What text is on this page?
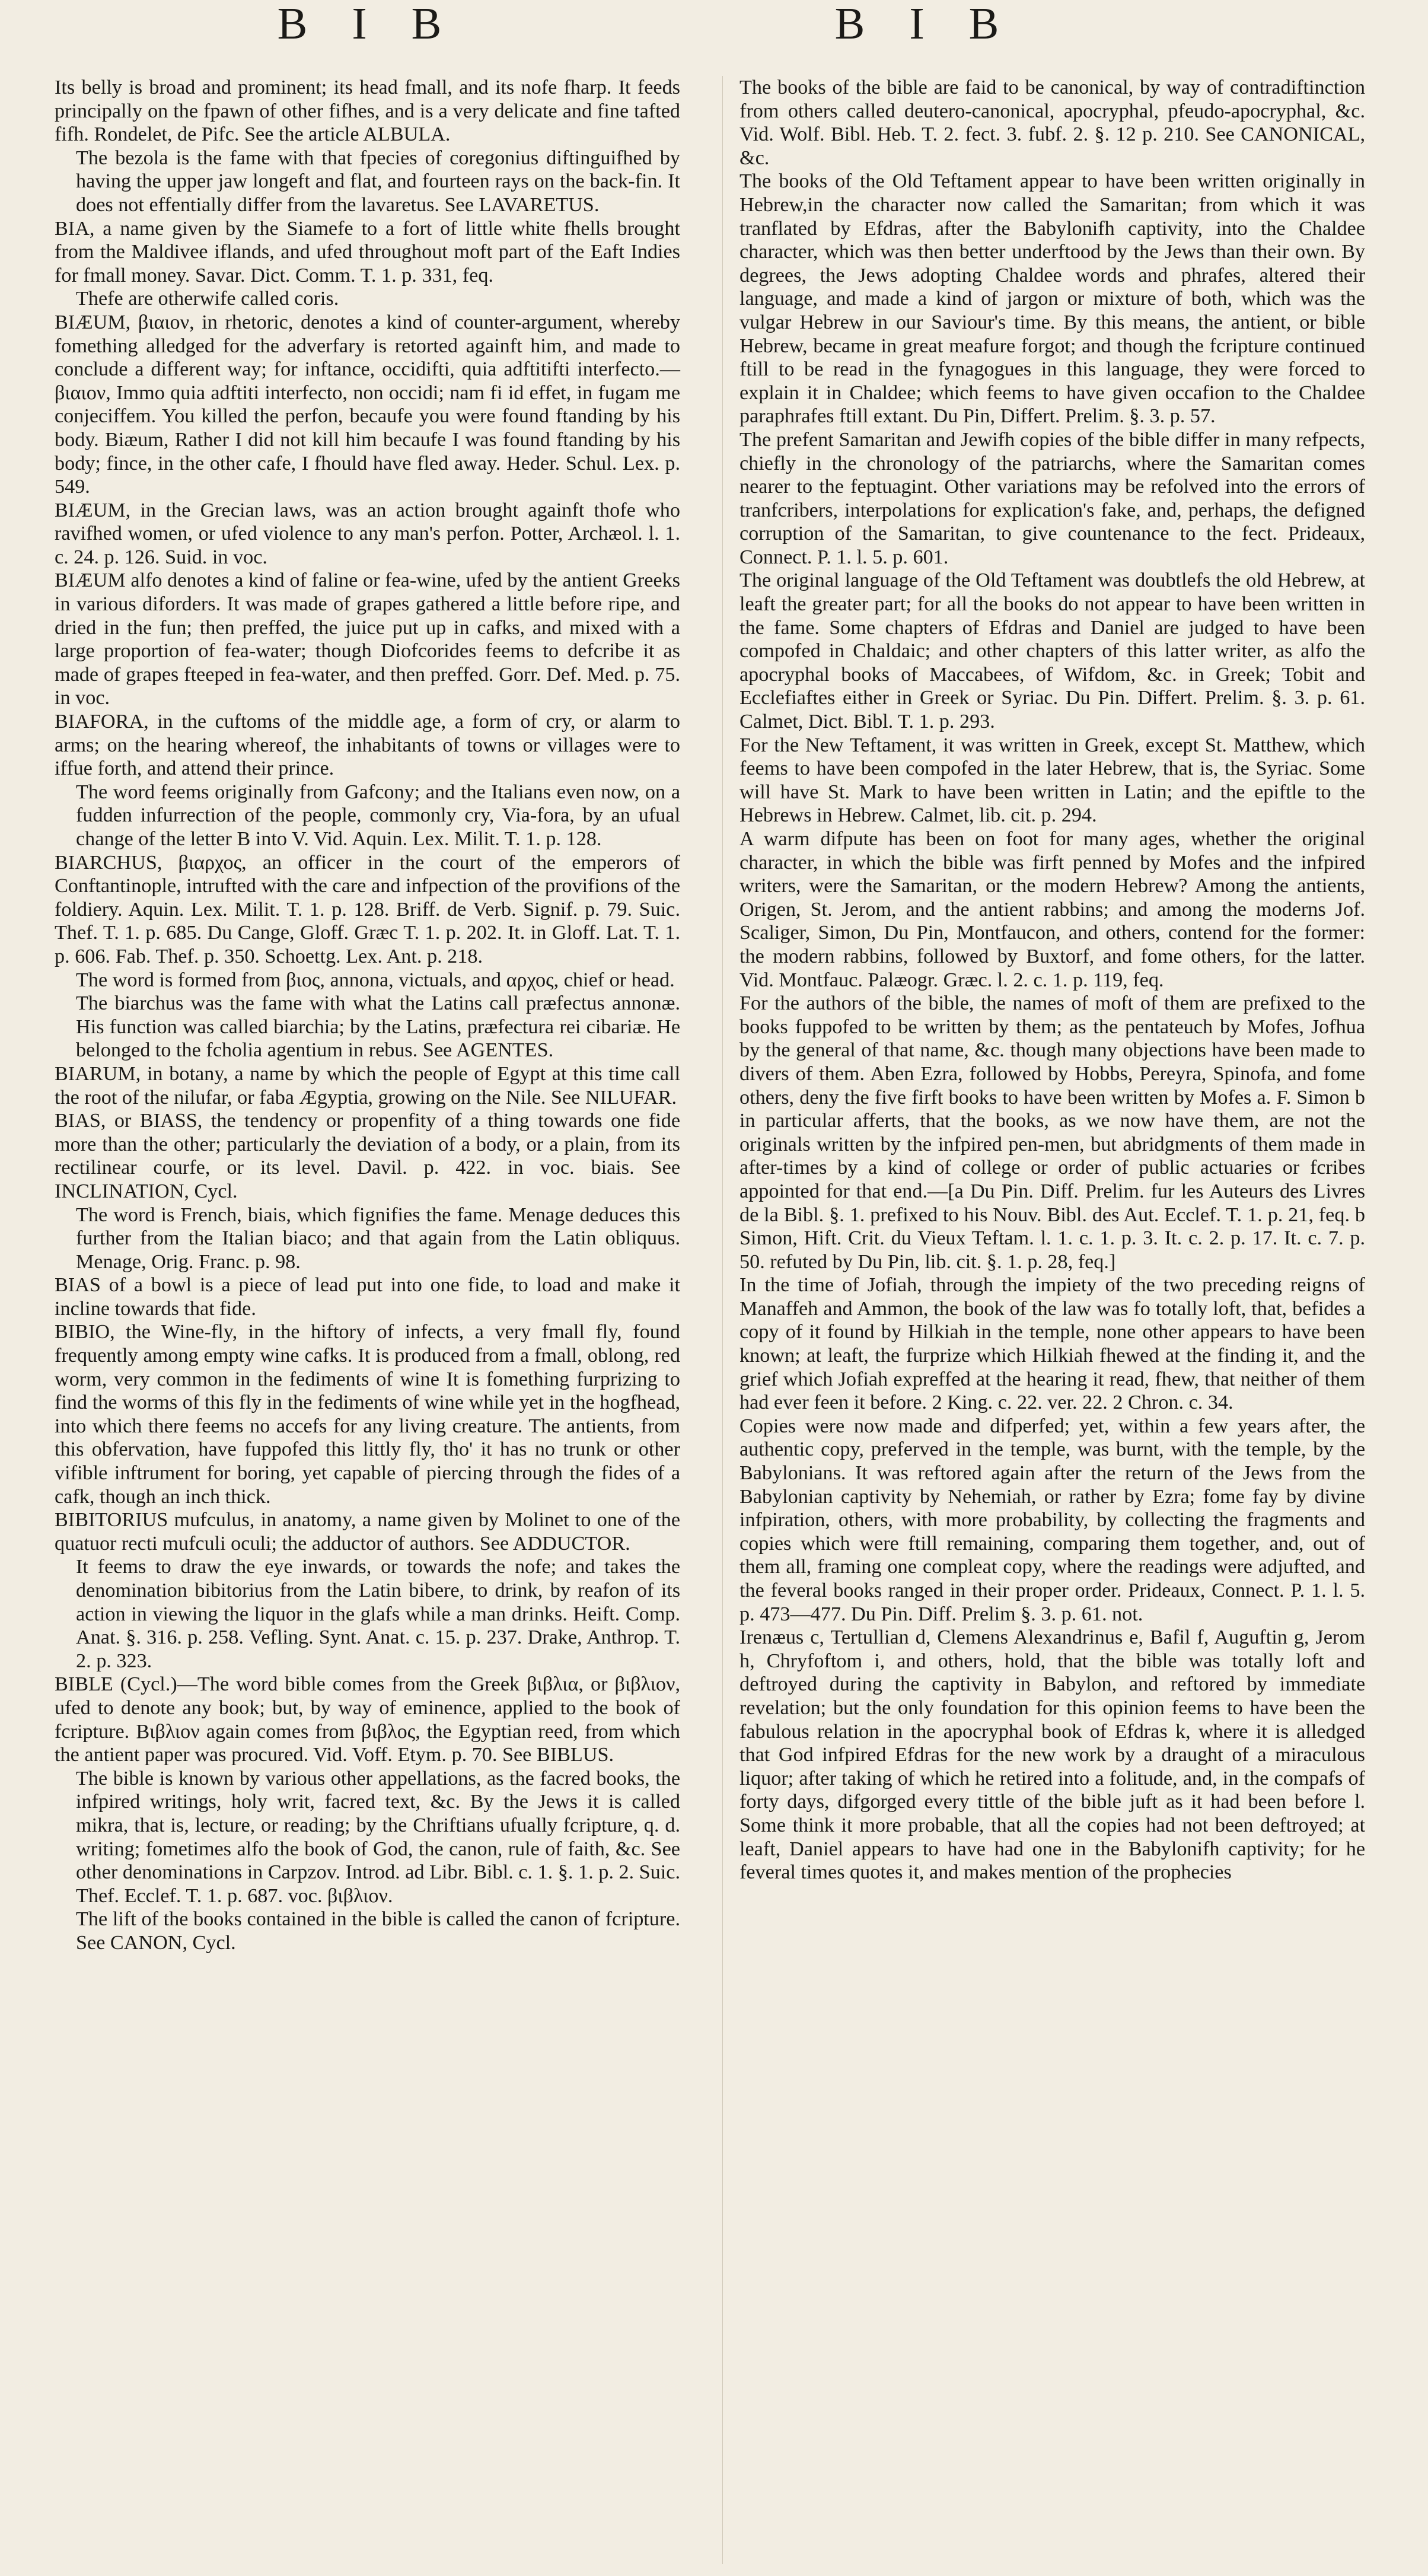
B I B	B I B

Its belly is broad and prominent; its head fmall, and its nofe fharp. It feeds principally on the fpawn of other fifhes, and is a very delicate and fine tafted fifh. Rondelet, de Pifc. See the article ALBULA.

The bezola is the fame with that fpecies of coregonius diftinguifhed by having the upper jaw longeft and flat, and fourteen rays on the back-fin. It does not effentially differ from the lavaretus. See LAVARETUS.

BIA, a name given by the Siamefe to a fort of little white fhells brought from the Maldivee iflands, and ufed throughout moft part of the Eaft Indies for fmall money. Savar. Dict. Comm. T. 1. p. 331, feq.

Thefe are otherwife called coris.

BIÆUM, βιαιον, in rhetoric, denotes a kind of counter-argument, whereby fomething alledged for the adverfary is retorted againft him, and made to conclude a different way; for inftance, occidifti, quia adftitifti interfecto.—βιαιον, Immo quia adftiti interfecto, non occidi; nam fi id effet, in fugam me conjeciffem. You killed the perfon, becaufe you were found ftanding by his body. Biæum, Rather I did not kill him becaufe I was found ftanding by his body; fince, in the other cafe, I fhould have fled away. Heder. Schul. Lex. p. 549.

BIÆUM, in the Grecian laws, was an action brought againft thofe who ravifhed women, or ufed violence to any man's perfon. Potter, Archæol. l. 1. c. 24. p. 126. Suid. in voc.

BIÆUM alfo denotes a kind of faline or fea-wine, ufed by the antient Greeks in various diforders. It was made of grapes gathered a little before ripe, and dried in the fun; then preffed, the juice put up in cafks, and mixed with a large proportion of fea-water; though Diofcorides feems to defcribe it as made of grapes fteeped in fea-water, and then preffed. Gorr. Def. Med. p. 75. in voc.

BIAFORA, in the cuftoms of the middle age, a form of cry, or alarm to arms; on the hearing whereof, the inhabitants of towns or villages were to iffue forth, and attend their prince.

The word feems originally from Gafcony; and the Italians even now, on a fudden infurrection of the people, commonly cry, Via-fora, by an ufual change of the letter B into V. Vid. Aquin. Lex. Milit. T. 1. p. 128.

BIARCHUS, βιαρχος, an officer in the court of the emperors of Conftantinople, intrufted with the care and infpection of the provifions of the foldiery. Aquin. Lex. Milit. T. 1. p. 128. Briff. de Verb. Signif. p. 79. Suic. Thef. T. 1. p. 685. Du Cange, Gloff. Græc T. 1. p. 202. It. in Gloff. Lat. T. 1. p. 606. Fab. Thef. p. 350. Schoettg. Lex. Ant. p. 218.

The word is formed from βιος, annona, victuals, and αρχος, chief or head.

The biarchus was the fame with what the Latins call præfectus annonæ. His function was called biarchia; by the Latins, præfectura rei cibariæ. He belonged to the fcholia agentium in rebus. See AGENTES.

BIARUM, in botany, a name by which the people of Egypt at this time call the root of the nilufar, or faba Ægyptia, growing on the Nile. See NILUFAR.

BIAS, or BIASS, the tendency or propenfity of a thing towards one fide more than the other; particularly the deviation of a body, or a plain, from its rectilinear courfe, or its level. Davil. p. 422. in voc. biais. See INCLINATION, Cycl.

The word is French, biais, which fignifies the fame. Menage deduces this further from the Italian biaco; and that again from the Latin obliquus. Menage, Orig. Franc. p. 98.

BIAS of a bowl is a piece of lead put into one fide, to load and make it incline towards that fide.

BIBIO, the Wine-fly, in the hiftory of infects, a very fmall fly, found frequently among empty wine cafks. It is produced from a fmall, oblong, red worm, very common in the fediments of wine It is fomething furprizing to find the worms of this fly in the fediments of wine while yet in the hogfhead, into which there feems no accefs for any living creature. The antients, from this obfervation, have fuppofed this littly fly, tho' it has no trunk or other vifible inftrument for boring, yet capable of piercing through the fides of a cafk, though an inch thick.

BIBITORIUS mufculus, in anatomy, a name given by Molinet to one of the quatuor recti mufculi oculi; the adductor of authors. See ADDUCTOR.

It feems to draw the eye inwards, or towards the nofe; and takes the denomination bibitorius from the Latin bibere, to drink, by reafon of its action in viewing the liquor in the glafs while a man drinks. Heift. Comp. Anat. §. 316. p. 258. Vefling. Synt. Anat. c. 15. p. 237. Drake, Anthrop. T. 2. p. 323.

BIBLE (Cycl.)—The word bible comes from the Greek βιβλια, or βιβλιον, ufed to denote any book; but, by way of eminence, applied to the book of fcripture. Βιβλιον again comes from βιβλος, the Egyptian reed, from which the antient paper was procured. Vid. Voff. Etym. p. 70. See BIBLUS.

The bible is known by various other appellations, as the facred books, the infpired writings, holy writ, facred text, &c. By the Jews it is called mikra, that is, lecture, or reading; by the Chriftians ufually fcripture, q. d. writing; fometimes alfo the book of God, the canon, rule of faith, &c. See other denominations in Carpzov. Introd. ad Libr. Bibl. c. 1. §. 1. p. 2. Suic. Thef. Ecclef. T. 1. p. 687. voc. βιβλιον.

The lift of the books contained in the bible is called the canon of fcripture. See CANON, Cycl.

The books of the bible are faid to be canonical, by way of contradiftinction from others called deutero-canonical, apocryphal, pfeudo-apocryphal, &c. Vid. Wolf. Bibl. Heb. T. 2. fect. 3. fubf. 2. §. 12 p. 210. See CANONICAL, &c.

The books of the Old Teftament appear to have been written originally in Hebrew,in the character now called the Samaritan; from which it was tranflated by Efdras, after the Babylonifh captivity, into the Chaldee character, which was then better underftood by the Jews than their own. By degrees, the Jews adopting Chaldee words and phrafes, altered their language, and made a kind of jargon or mixture of both, which was the vulgar Hebrew in our Saviour's time. By this means, the antient, or bible Hebrew, became in great meafure forgot; and though the fcripture continued ftill to be read in the fynagogues in this language, they were forced to explain it in Chaldee; which feems to have given occafion to the Chaldee paraphrafes ftill extant. Du Pin, Differt. Prelim. §. 3. p. 57.

The prefent Samaritan and Jewifh copies of the bible differ in many refpects, chiefly in the chronology of the patriarchs, where the Samaritan comes nearer to the feptuagint. Other variations may be refolved into the errors of tranfcribers, interpolations for explication's fake, and, perhaps, the defigned corruption of the Samaritan, to give countenance to the fect. Prideaux, Connect. P. 1. l. 5. p. 601.

The original language of the Old Teftament was doubtlefs the old Hebrew, at leaft the greater part; for all the books do not appear to have been written in the fame. Some chapters of Efdras and Daniel are judged to have been compofed in Chaldaic; and other chapters of this latter writer, as alfo the apocryphal books of Maccabees, of Wifdom, &c. in Greek; Tobit and Ecclefiaftes either in Greek or Syriac. Du Pin. Differt. Prelim. §. 3. p. 61. Calmet, Dict. Bibl. T. 1. p. 293.

For the New Teftament, it was written in Greek, except St. Matthew, which feems to have been compofed in the later Hebrew, that is, the Syriac. Some will have St. Mark to have been written in Latin; and the epiftle to the Hebrews in Hebrew. Calmet, lib. cit. p. 294.

A warm difpute has been on foot for many ages, whether the original character, in which the bible was firft penned by Mofes and the infpired writers, were the Samaritan, or the modern Hebrew? Among the antients, Origen, St. Jerom, and the antient rabbins; and among the moderns Jof. Scaliger, Simon, Du Pin, Montfaucon, and others, contend for the former: the modern rabbins, followed by Buxtorf, and fome others, for the latter. Vid. Montfauc. Palæogr. Græc. l. 2. c. 1. p. 119, feq.

For the authors of the bible, the names of moft of them are prefixed to the books fuppofed to be written by them; as the pentateuch by Mofes, Jofhua by the general of that name, &c. though many objections have been made to divers of them. Aben Ezra, followed by Hobbs, Pereyra, Spinofa, and fome others, deny the five firft books to have been written by Mofes a. F. Simon b in particular afferts, that the books, as we now have them, are not the originals written by the infpired pen-men, but abridgments of them made in after-times by a kind of college or order of public actuaries or fcribes appointed for that end.—[a Du Pin. Diff. Prelim. fur les Auteurs des Livres de la Bibl. §. 1. prefixed to his Nouv. Bibl. des Aut. Ecclef. T. 1. p. 21, feq. b Simon, Hift. Crit. du Vieux Teftam. l. 1. c. 1. p. 3. It. c. 2. p. 17. It. c. 7. p. 50. refuted by Du Pin, lib. cit. §. 1. p. 28, feq.]

In the time of Jofiah, through the impiety of the two preceding reigns of Manaffeh and Ammon, the book of the law was fo totally loft, that, befides a copy of it found by Hilkiah in the temple, none other appears to have been known; at leaft, the furprize which Hilkiah fhewed at the finding it, and the grief which Jofiah expreffed at the hearing it read, fhew, that neither of them had ever feen it before. 2 King. c. 22. ver. 22. 2 Chron. c. 34.

Copies were now made and difperfed; yet, within a few years after, the authentic copy, preferved in the temple, was burnt, with the temple, by the Babylonians. It was reftored again after the return of the Jews from the Babylonian captivity by Nehemiah, or rather by Ezra; fome fay by divine infpiration, others, with more probability, by collecting the fragments and copies which were ftill remaining, comparing them together, and, out of them all, framing one compleat copy, where the readings were adjufted, and the feveral books ranged in their proper order. Prideaux, Connect. P. 1. l. 5. p. 473—477. Du Pin. Diff. Prelim §. 3. p. 61. not.

Irenæus c, Tertullian d, Clemens Alexandrinus e, Bafil f, Auguftin g, Jerom h, Chryfoftom i, and others, hold, that the bible was totally loft and deftroyed during the captivity in Babylon, and reftored by immediate revelation; but the only foundation for this opinion feems to have been the fabulous relation in the apocryphal book of Efdras k, where it is alledged that God infpired Efdras for the new work by a draught of a miraculous liquor; after taking of which he retired into a folitude, and, in the compafs of forty days, difgorged every tittle of the bible juft as it had been before l. Some think it more probable, that all the copies had not been deftroyed; at leaft, Daniel appears to have had one in the Babylonifh captivity; for he feveral times quotes it, and makes mention of the prophecies
